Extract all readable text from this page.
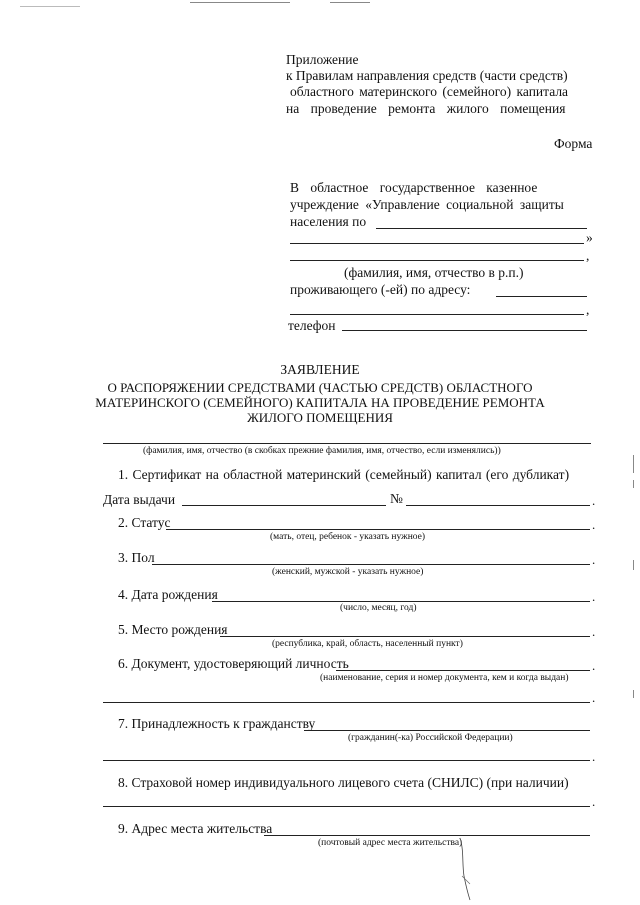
Приложение
к Правилам направления средств (части средств)
областного материнского (семейного) капитала
на проведение ремонта жилого помещения
Форма
В областное государственное казенное
учреждение «Управление социальной защиты
населения по
»
,
(фамилия, имя, отчество в р.п.)
проживающего (-ей) по адресу:
,
телефон
ЗАЯВЛЕНИЕ
О РАСПОРЯЖЕНИИ СРЕДСТВАМИ (ЧАСТЬЮ СРЕДСТВ) ОБЛАСТНОГО
МАТЕРИНСКОГО (СЕМЕЙНОГО) КАПИТАЛА НА ПРОВЕДЕНИЕ РЕМОНТА
ЖИЛОГО ПОМЕЩЕНИЯ
(фамилия, имя, отчество (в скобках прежние фамилия, имя, отчество, если изменялись))
1. Сертификат на областной материнский (семейный) капитал (его дубликат)
Дата выдачи	№	.
2. Статус	.
(мать, отец, ребенок - указать нужное)
3. Пол	.
(женский, мужской - указать нужное)
4. Дата рождения	.
(число, месяц, год)
5. Место рождения	.
(республика, край, область, населенный пункт)
6. Документ, удостоверяющий личность	.
(наименование, серия и номер документа, кем и когда выдан)
.
7. Принадлежность к гражданству
(гражданин(-ка) Российской Федерации)
.
8. Страховой номер индивидуального лицевого счета (СНИЛС) (при наличии)
.
9. Адрес места жительства
(почтовый адрес места жительства)
